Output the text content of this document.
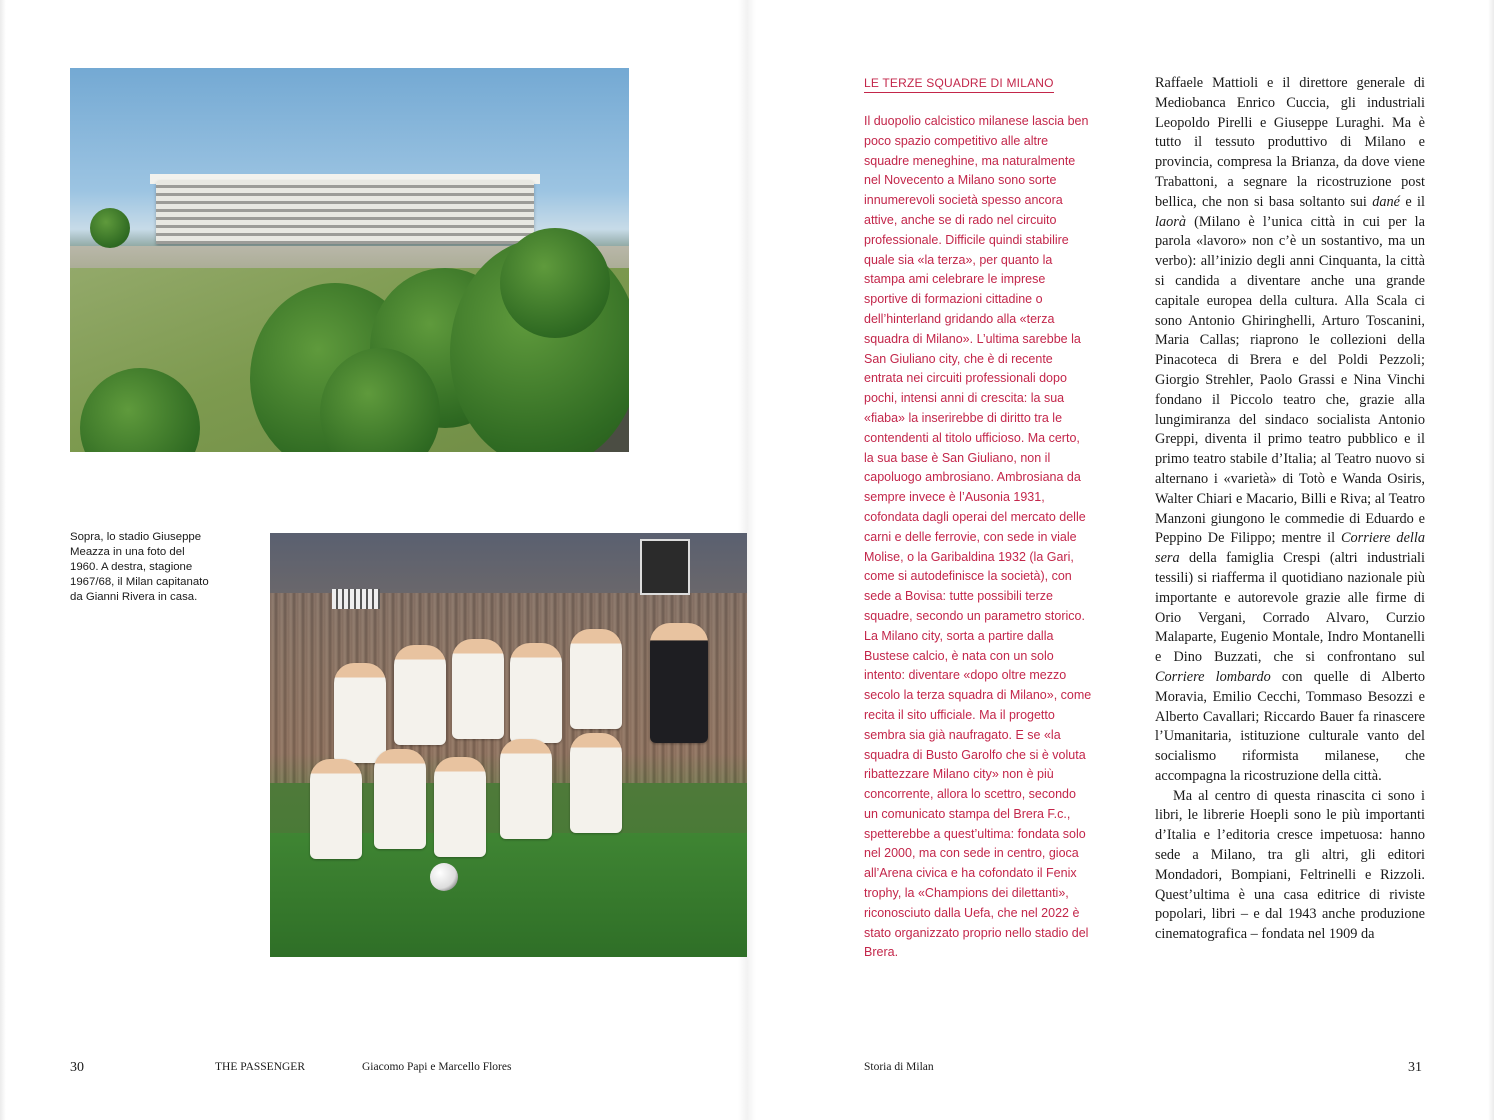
Sopra, lo stadio Giuseppe Meazza in una foto del 1960. A destra, stagione 1967/68, il Milan capitanato da Gianni Rivera in casa.

LE TERZE SQUADRE DI MILANO

Il duopolio calcistico milanese lascia ben poco spazio competitivo alle altre squadre meneghine, ma naturalmente nel Novecento a Milano sono sorte innumerevoli società spesso ancora attive, anche se di rado nel circuito professionale. Difficile quindi stabilire quale sia «la terza», per quanto la stampa ami celebrare le imprese sportive di formazioni cittadine o dell’hinterland gridando alla «terza squadra di Milano». L’ultima sarebbe la San Giuliano city, che è di recente entrata nei circuiti professionali dopo pochi, intensi anni di crescita: la sua «fiaba» la inserirebbe di diritto tra le contendenti al titolo ufficioso. Ma certo, la sua base è San Giuliano, non il capoluogo ambrosiano. Ambrosiana da sempre invece è l’Ausonia 1931, cofondata dagli operai del mercato delle carni e delle ferrovie, con sede in viale Molise, o la Garibaldina 1932 (la Gari, come si autodefinisce la società), con sede a Bovisa: tutte possibili terze squadre, secondo un parametro storico. La Milano city, sorta a partire dalla Bustese calcio, è nata con un solo intento: diventare «dopo oltre mezzo secolo la terza squadra di Milano», come recita il sito ufficiale. Ma il progetto sembra sia già naufragato. E se «la squadra di Busto Garolfo che si è voluta ribattezzare Milano city» non è più concorrente, allora lo scettro, secondo un comunicato stampa del Brera F.c., spetterebbe a quest’ultima: fondata solo nel 2000, ma con sede in centro, gioca all’Arena civica e ha cofondato il Fenix trophy, la «Champions dei dilettanti», riconosciuto dalla Uefa, che nel 2022 è stato organizzato proprio nello stadio del Brera.

Raffaele Mattioli e il direttore generale di Mediobanca Enrico Cuccia, gli industriali Leopoldo Pirelli e Giuseppe Luraghi. Ma è tutto il tessuto produttivo di Milano e provincia, compresa la Brianza, da dove viene Trabattoni, a segnare la ricostruzione post bellica, che non si basa soltanto sui dané e il laorà (Milano è l’unica città in cui per la parola «lavoro» non c’è un sostantivo, ma un verbo): all’inizio degli anni Cinquanta, la città si candida a diventare anche una grande capitale europea della cultura. Alla Scala ci sono Antonio Ghiringhelli, Arturo Toscanini, Maria Callas; riaprono le collezioni della Pinacoteca di Brera e del Poldi Pezzoli; Giorgio Strehler, Paolo Grassi e Nina Vinchi fondano il Piccolo teatro che, grazie alla lungimiranza del sindaco socialista Antonio Greppi, diventa il primo teatro pubblico e il primo teatro stabile d’Italia; al Teatro nuovo si alternano i «varietà» di Totò e Wanda Osiris, Walter Chiari e Macario, Billi e Riva; al Teatro Manzoni giungono le commedie di Eduardo e Peppino De Filippo; mentre il Corriere della sera della famiglia Crespi (altri industriali tessili) si riafferma il quotidiano nazionale più importante e autorevole grazie alle firme di Orio Vergani, Corrado Alvaro, Curzio Malaparte, Eugenio Montale, Indro Montanelli e Dino Buzzati, che si confrontano sul Corriere lombardo con quelle di Alberto Moravia, Emilio Cecchi, Tommaso Besozzi e Alberto Cavallari; Riccardo Bauer fa rinascere l’Umanitaria, istituzione culturale vanto del socialismo riformista milanese, che accompagna la ricostruzione della città.

Ma al centro di questa rinascita ci sono i libri, le librerie Hoepli sono le più importanti d’Italia e l’editoria cresce impetuosa: hanno sede a Milano, tra gli altri, gli editori Mondadori, Bompiani, Feltrinelli e Rizzoli. Quest’ultima è una casa editrice di riviste popolari, libri – e dal 1943 anche produzione cinematografica – fondata nel 1909 da

30	THE PASSENGER	Giacomo Papi e Marcello Flores	Storia di Milan	31
